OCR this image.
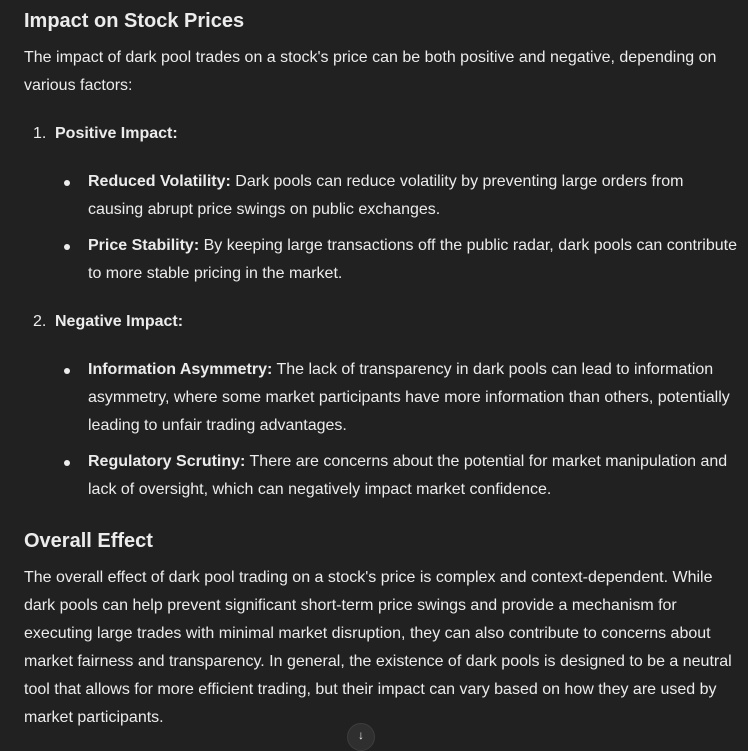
Impact on Stock Prices

The impact of dark pool trades on a stock's price can be both positive and negative, depending on various factors:

1. Positive Impact:
Reduced Volatility: Dark pools can reduce volatility by preventing large orders from causing abrupt price swings on public exchanges.
Price Stability: By keeping large transactions off the public radar, dark pools can contribute to more stable pricing in the market.
2. Negative Impact:
Information Asymmetry: The lack of transparency in dark pools can lead to information asymmetry, where some market participants have more information than others, potentially leading to unfair trading advantages.
Regulatory Scrutiny: There are concerns about the potential for market manipulation and lack of oversight, which can negatively impact market confidence.
Overall Effect

The overall effect of dark pool trading on a stock's price is complex and context-dependent. While dark pools can help prevent significant short-term price swings and provide a mechanism for executing large trades with minimal market disruption, they can also contribute to concerns about market fairness and transparency. In general, the existence of dark pools is designed to be a neutral tool that allows for more efficient trading, but their impact can vary based on how they are used by market participants.

↓
